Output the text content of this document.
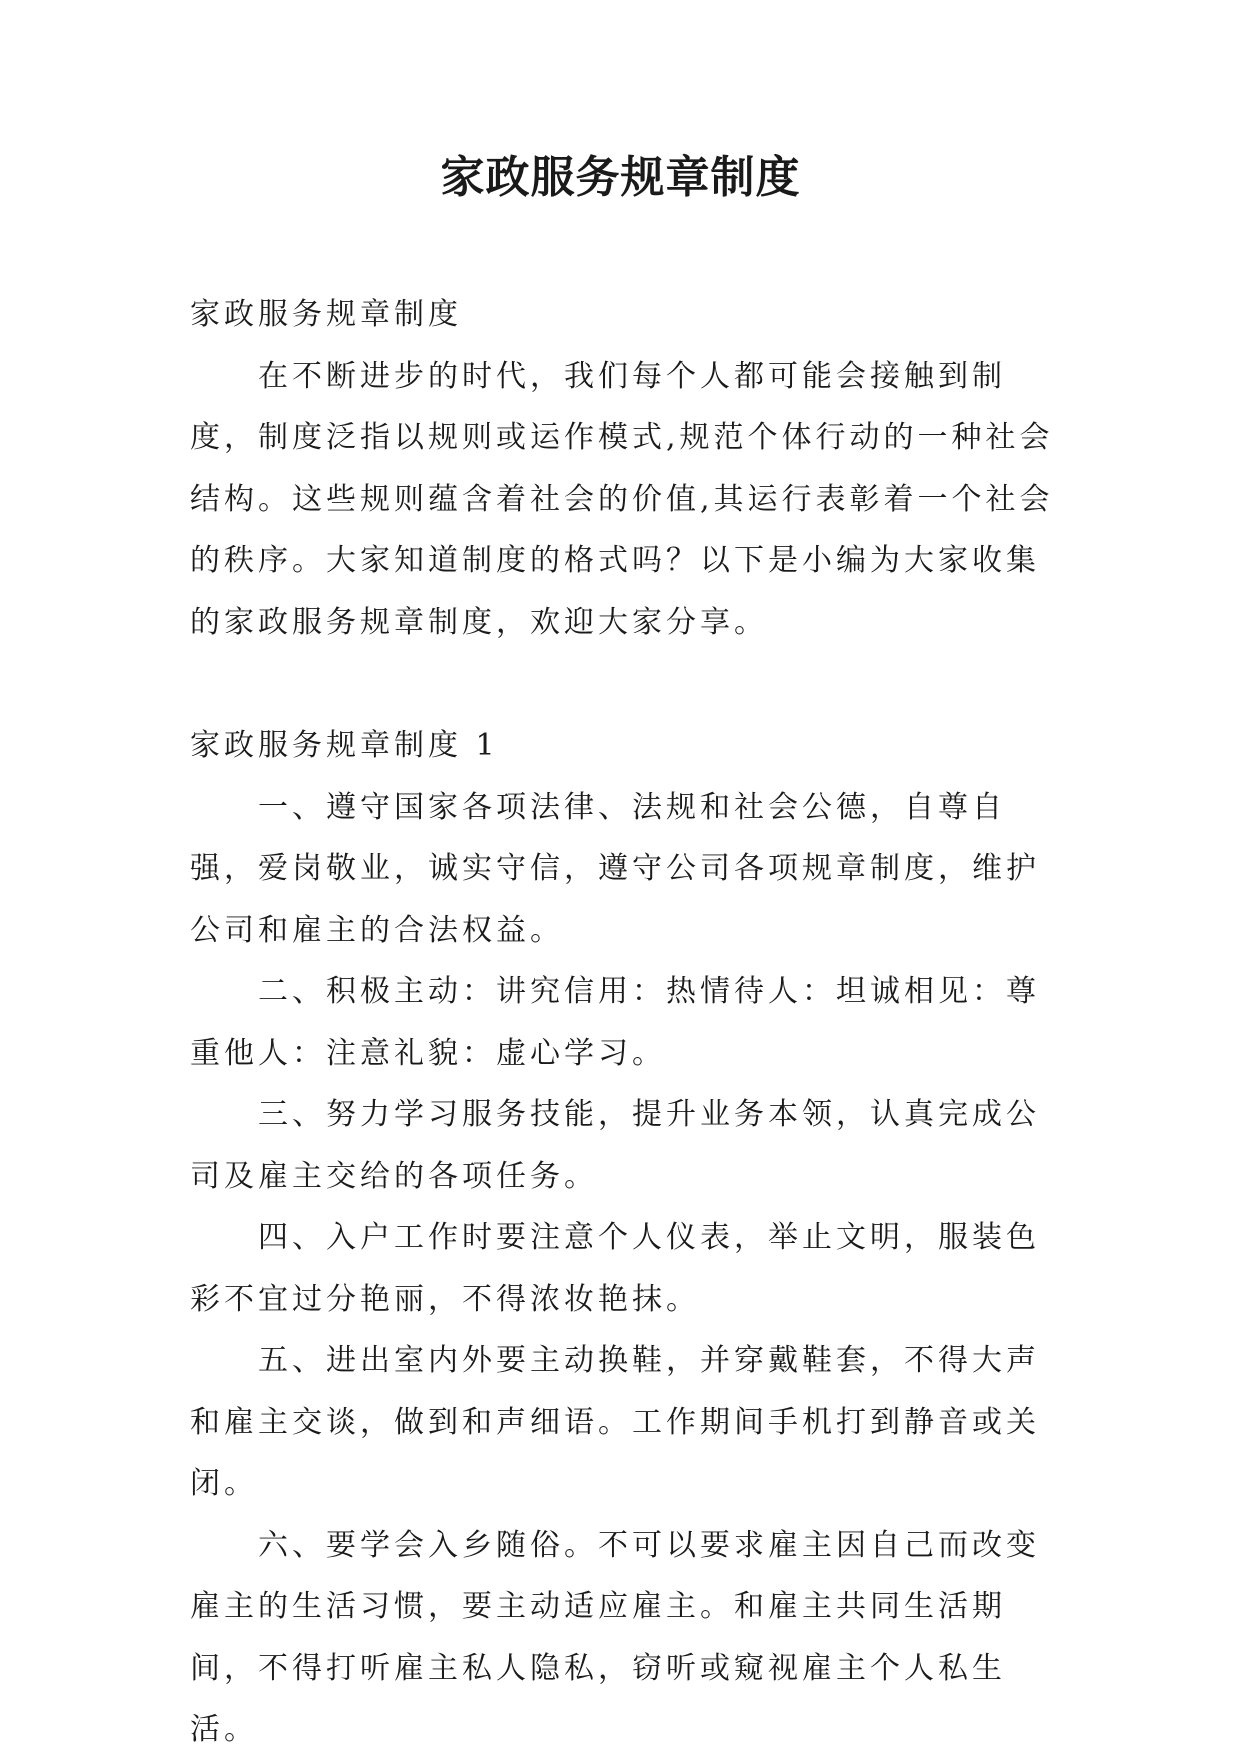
家政服务规章制度

家政服务规章制度

在不断进步的时代，我们每个人都可能会接触到制度，制度泛指以规则或运作模式,规范个体行动的一种社会结构。这些规则蕴含着社会的价值,其运行表彰着一个社会的秩序。大家知道制度的格式吗？以下是小编为大家收集的家政服务规章制度，欢迎大家分享。

家政服务规章制度 1

一、遵守国家各项法律、法规和社会公德，自尊自强，爱岗敬业，诚实守信，遵守公司各项规章制度，维护公司和雇主的合法权益。

二、积极主动：讲究信用：热情待人：坦诚相见：尊重他人：注意礼貌：虚心学习。

三、努力学习服务技能，提升业务本领，认真完成公司及雇主交给的各项任务。

四、入户工作时要注意个人仪表，举止文明，服装色彩不宜过分艳丽，不得浓妆艳抹。

五、进出室内外要主动换鞋，并穿戴鞋套，不得大声和雇主交谈，做到和声细语。工作期间手机打到静音或关闭。

六、要学会入乡随俗。不可以要求雇主因自己而改变雇主的生活习惯，要主动适应雇主。和雇主共同生活期间，不得打听雇主私人隐私，窃听或窥视雇主个人私生活。
